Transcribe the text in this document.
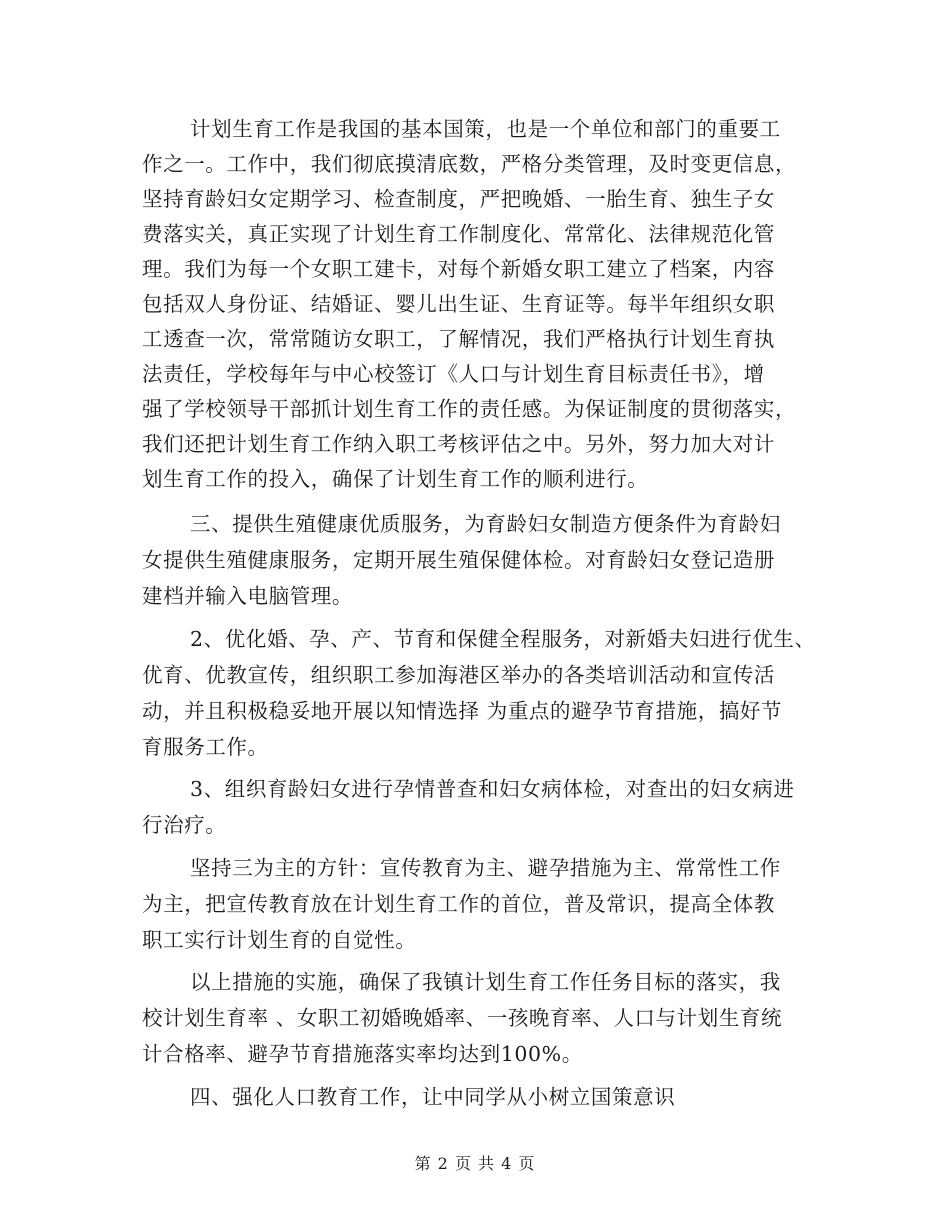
计划生育工作是我国的基本国策，也是一个单位和部门的重要工
作之一。工作中，我们彻底摸清底数，严格分类管理，及时变更信息，
坚持育龄妇女定期学习、检查制度，严把晚婚、一胎生育、独生子女
费落实关，真正实现了计划生育工作制度化、常常化、法律规范化管
理。我们为每一个女职工建卡，对每个新婚女职工建立了档案，内容
包括双人身份证、结婚证、婴儿出生证、生育证等。每半年组织女职
工透查一次，常常随访女职工，了解情况，我们严格执行计划生育执
法责任，学校每年与中心校签订《人口与计划生育目标责任书》，增
强了学校领导干部抓计划生育工作的责任感。为保证制度的贯彻落实，
我们还把计划生育工作纳入职工考核评估之中。另外，努力加大对计
划生育工作的投入，确保了计划生育工作的顺利进行。
三、提供生殖健康优质服务，为育龄妇女制造方便条件为育龄妇
女提供生殖健康服务，定期开展生殖保健体检。对育龄妇女登记造册
建档并输入电脑管理。
2、优化婚、孕、产、节育和保健全程服务，对新婚夫妇进行优生、
优育、优教宣传，组织职工参加海港区举办的各类培训活动和宣传活
动，并且积极稳妥地开展以知情选择 为重点的避孕节育措施，搞好节
育服务工作。
3、组织育龄妇女进行孕情普查和妇女病体检，对查出的妇女病进
行治疗。
坚持三为主的方针：宣传教育为主、避孕措施为主、常常性工作
为主，把宣传教育放在计划生育工作的首位，普及常识，提高全体教
职工实行计划生育的自觉性。
以上措施的实施，确保了我镇计划生育工作任务目标的落实，我
校计划生育率 、女职工初婚晚婚率、一孩晚育率、人口与计划生育统
计合格率、避孕节育措施落实率均达到100%。
四、强化人口教育工作，让中同学从小树立国策意识
第 2 页 共 4 页
